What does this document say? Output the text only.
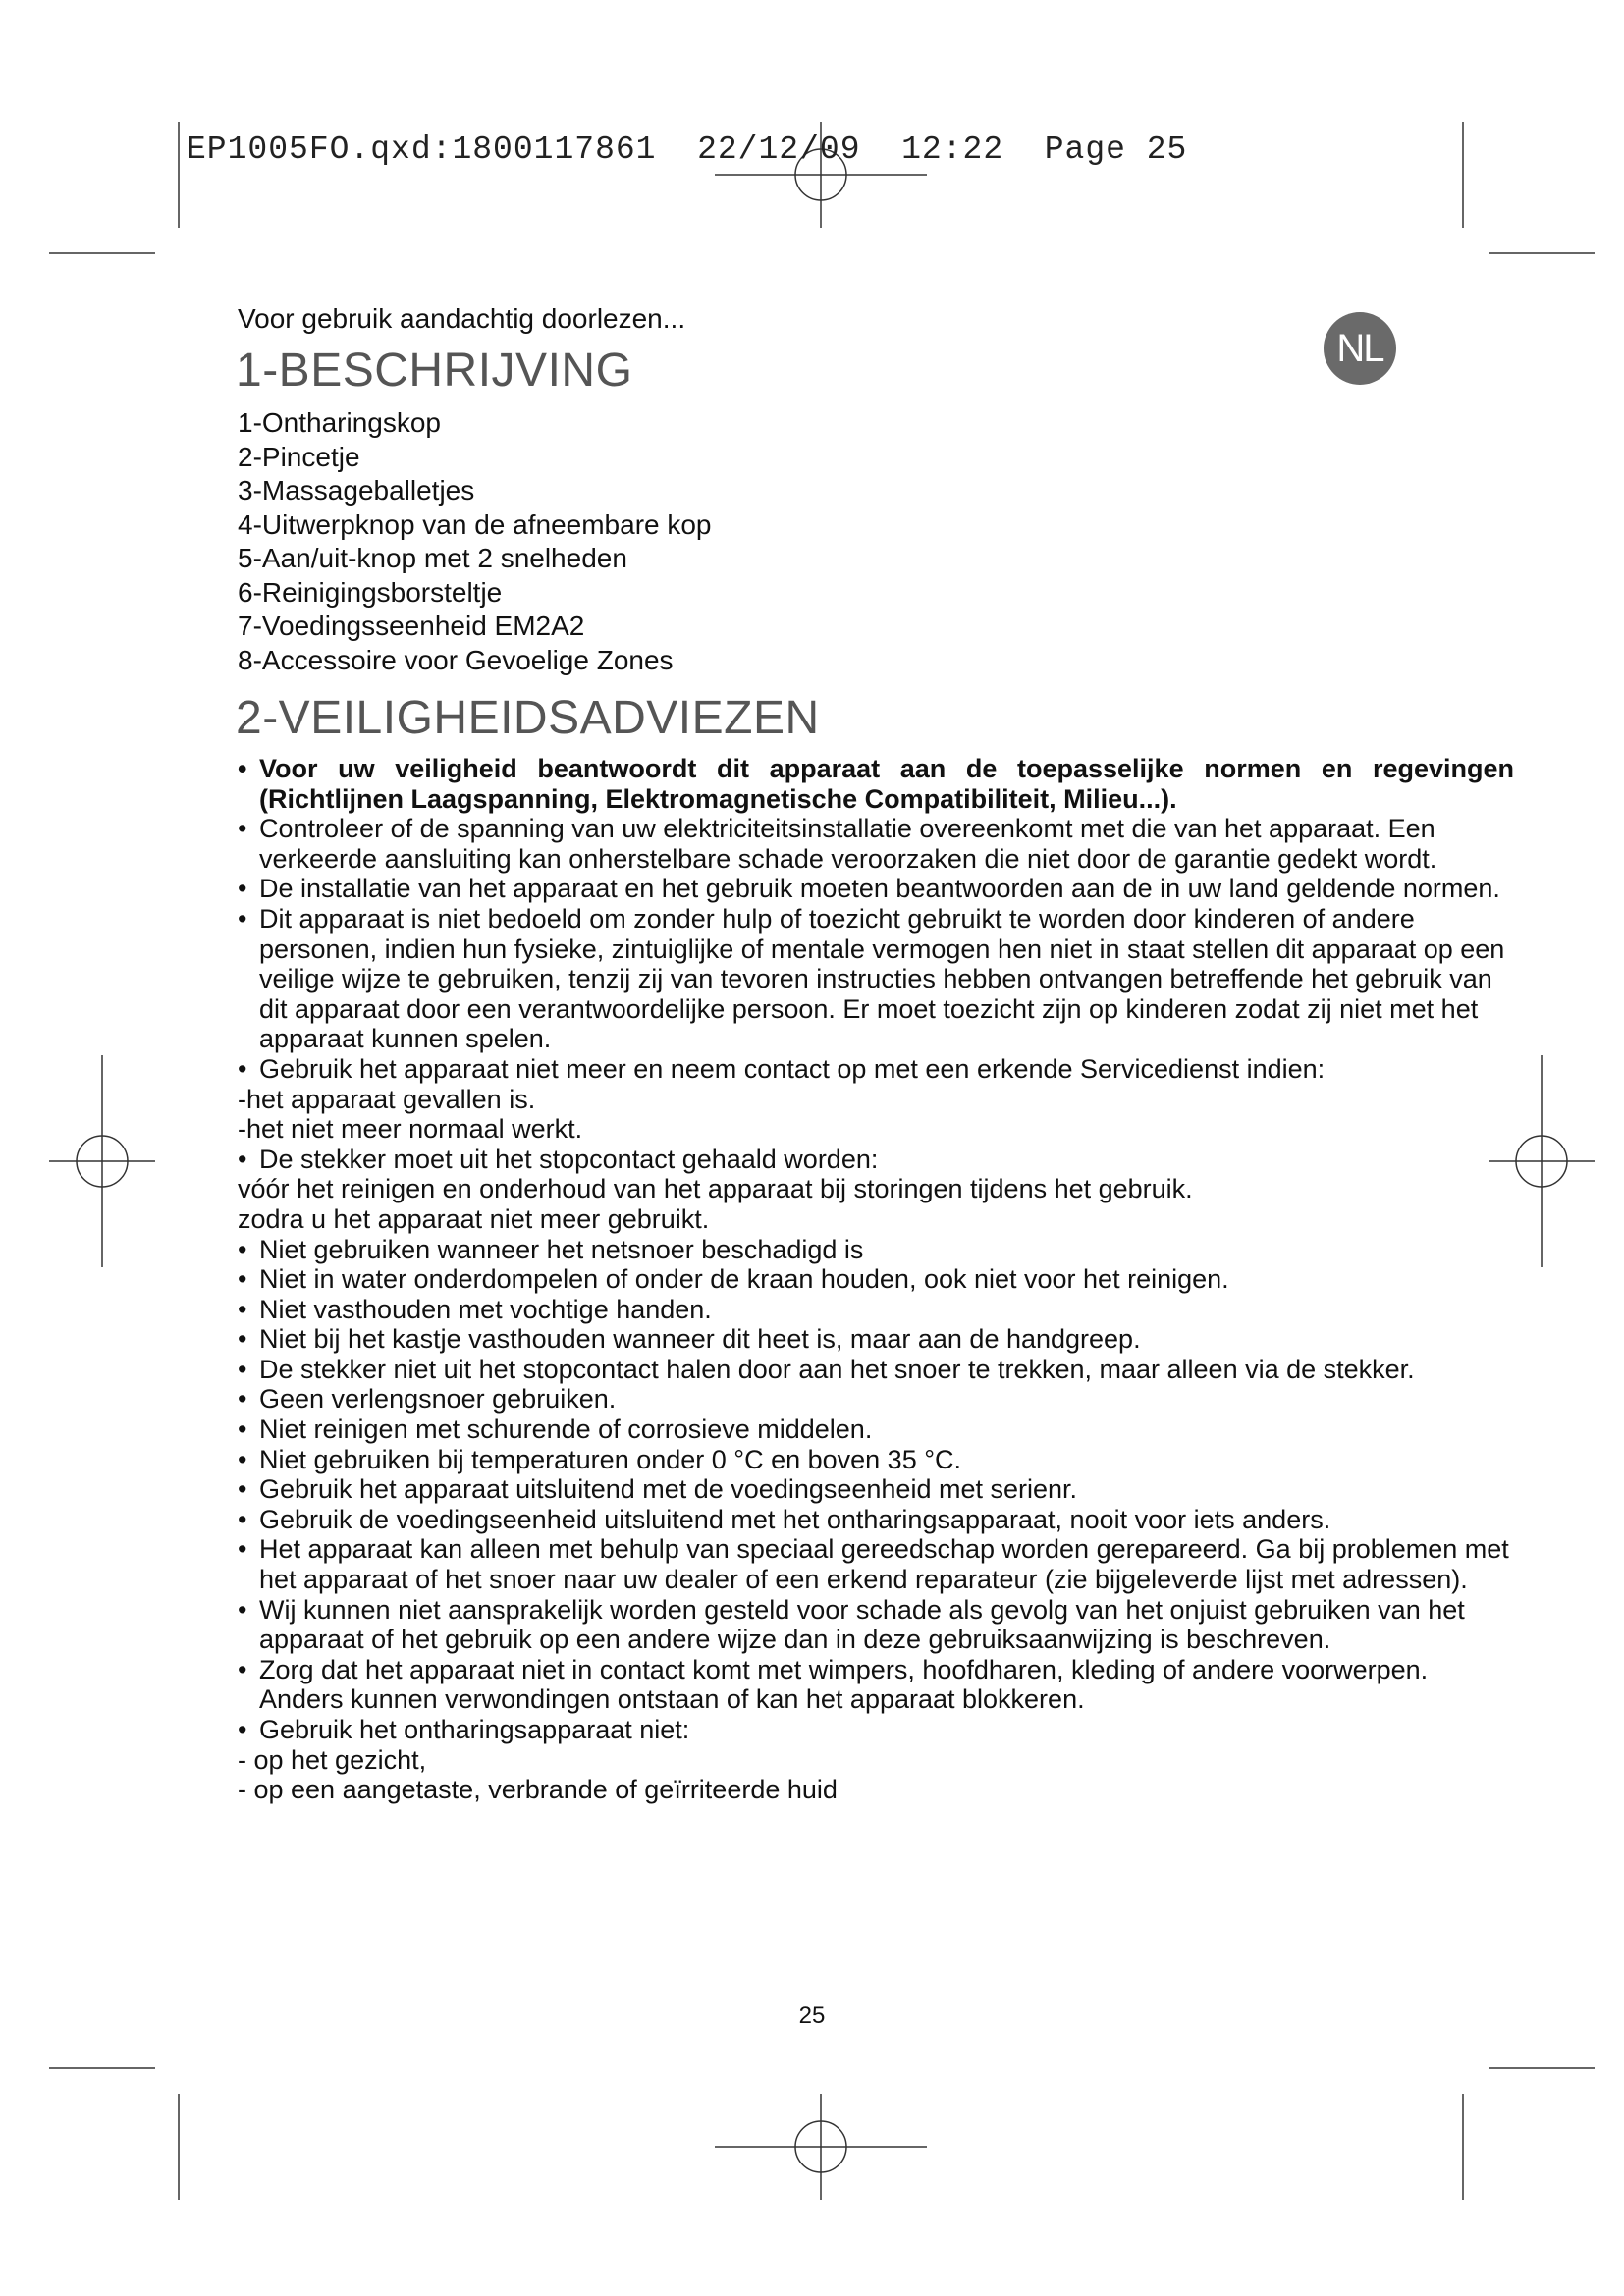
EP1005FO.qxd:1800117861  22/12/09  12:22  Page 25
NL
Voor gebruik aandachtig doorlezen...
1-BESCHRIJVING
1-Ontharingskop
2-Pincetje
3-Massageballetjes
4-Uitwerpknop van de afneembare kop
5-Aan/uit-knop met 2 snelheden
6-Reinigingsborsteltje
7-Voedingsseenheid EM2A2
8-Accessoire voor Gevoelige Zones
2-VEILIGHEIDSADVIEZEN
• Voor uw veiligheid beantwoordt dit apparaat aan de toepasselijke normen en regevingen (Richtlijnen Laagspanning, Elektromagnetische Compatibiliteit, Milieu...).
• Controleer of de spanning van uw elektriciteitsinstallatie overeenkomt met die van het apparaat. Een verkeerde aansluiting kan onherstelbare schade veroorzaken die niet door de garantie gedekt wordt.
• De installatie van het apparaat en het gebruik moeten beantwoorden aan de in uw land geldende normen.
• Dit apparaat is niet bedoeld om zonder hulp of toezicht gebruikt te worden door kinderen of andere personen, indien hun fysieke, zintuiglijke of mentale vermogen hen niet in staat stellen dit apparaat op een veilige wijze te gebruiken, tenzij zij van tevoren instructies hebben ontvangen betreffende het gebruik van dit apparaat door een verantwoordelijke persoon. Er moet toezicht zijn op kinderen zodat zij niet met het apparaat kunnen spelen.
• Gebruik het apparaat niet meer en neem contact op met een erkende Servicedienst indien:
-het apparaat gevallen is.
-het niet meer normaal werkt.
• De stekker moet uit het stopcontact gehaald worden:
vóór het reinigen en onderhoud van het apparaat bij storingen tijdens het gebruik.
zodra u het apparaat niet meer gebruikt.
• Niet gebruiken wanneer het netsnoer beschadigd is
• Niet in water onderdompelen of onder de kraan houden, ook niet voor het reinigen.
• Niet vasthouden met vochtige handen.
• Niet bij het kastje vasthouden wanneer dit heet is, maar aan de handgreep.
• De stekker niet uit het stopcontact halen door aan het snoer te trekken, maar alleen via de stekker.
• Geen verlengsnoer gebruiken.
• Niet reinigen met schurende of corrosieve middelen.
• Niet gebruiken bij temperaturen onder 0 °C en boven 35 °C.
• Gebruik het apparaat uitsluitend met de voedingseenheid met serienr.
• Gebruik de voedingseenheid uitsluitend met het ontharingsapparaat, nooit voor iets anders.
• Het apparaat kan alleen met behulp van speciaal gereedschap worden gerepareerd. Ga bij problemen met het apparaat of het snoer naar uw dealer of een erkend reparateur (zie bijgeleverde lijst met adressen).
• Wij kunnen niet aansprakelijk worden gesteld voor schade als gevolg van het onjuist gebruiken van het apparaat of het gebruik op een andere wijze dan in deze gebruiksaanwijzing is beschreven.
• Zorg dat het apparaat niet in contact komt met wimpers, hoofdharen, kleding of andere voorwerpen. Anders kunnen verwondingen ontstaan of kan het apparaat blokkeren.
• Gebruik het ontharingsapparaat niet:
- op het gezicht,
- op een aangetaste, verbrande of geïrriteerde huid
25
